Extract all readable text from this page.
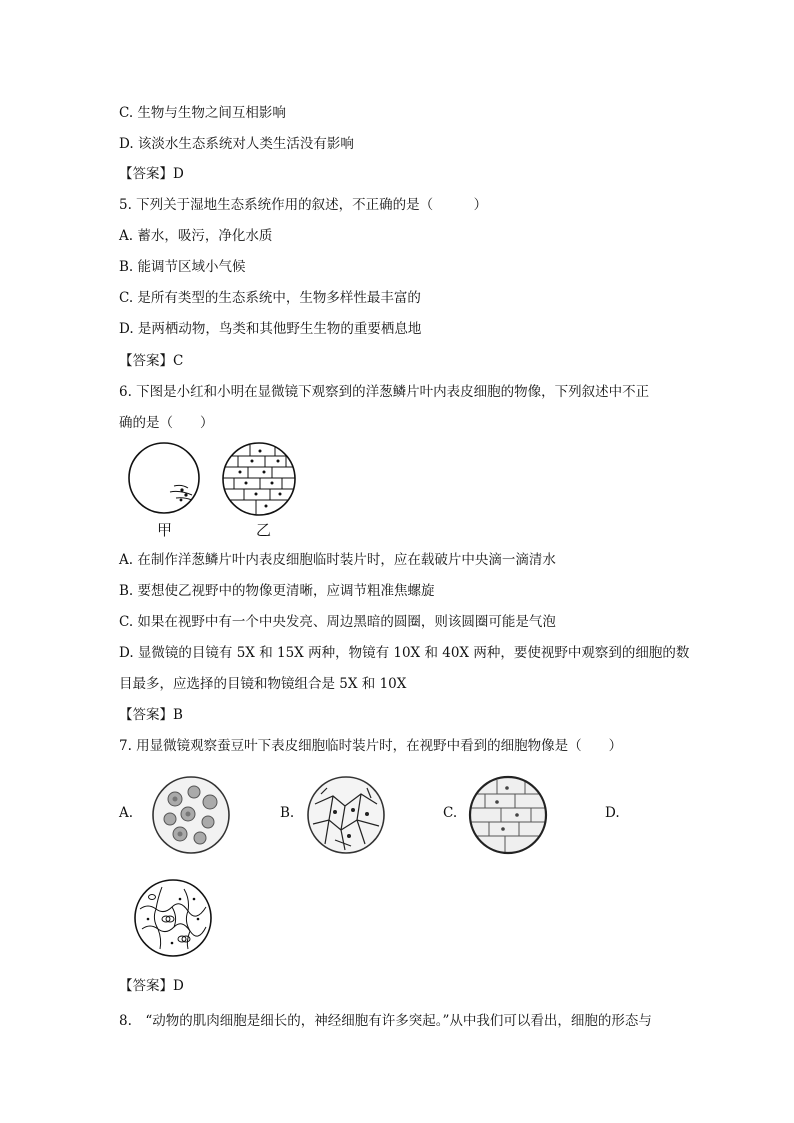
C. 生物与生物之间互相影响
D. 该淡水生态系统对人类生活没有影响
【答案】D
5. 下列关于湿地生态系统作用的叙述，不正确的是（　　　）
A. 蓄水，吸污，净化水质
B. 能调节区域小气候
C. 是所有类型的生态系统中，生物多样性最丰富的
D. 是两栖动物，鸟类和其他野生生物的重要栖息地
【答案】C
6. 下图是小红和小明在显微镜下观察到的洋葱鳞片叶内表皮细胞的物像，下列叙述中不正
确的是（　　）
甲	乙
A. 在制作洋葱鳞片叶内表皮细胞临时装片时，应在载破片中央滴一滴清水
B. 要想使乙视野中的物像更清晰，应调节粗准焦螺旋
C. 如果在视野中有一个中央发亮、周边黑暗的圆圈，则该圆圈可能是气泡
D. 显微镜的目镜有 5X 和 15X 两种，物镜有 10X 和 40X 两种，要使视野中观察到的细胞的数
目最多，应选择的目镜和物镜组合是 5X 和 10X
【答案】B
7. 用显微镜观察蚕豆叶下表皮细胞临时装片时，在视野中看到的细胞物像是（　　）
A.	B.	C.	D.
【答案】D
8.　“动物的肌肉细胞是细长的，神经细胞有许多突起。”从中我们可以看出，细胞的形态与
